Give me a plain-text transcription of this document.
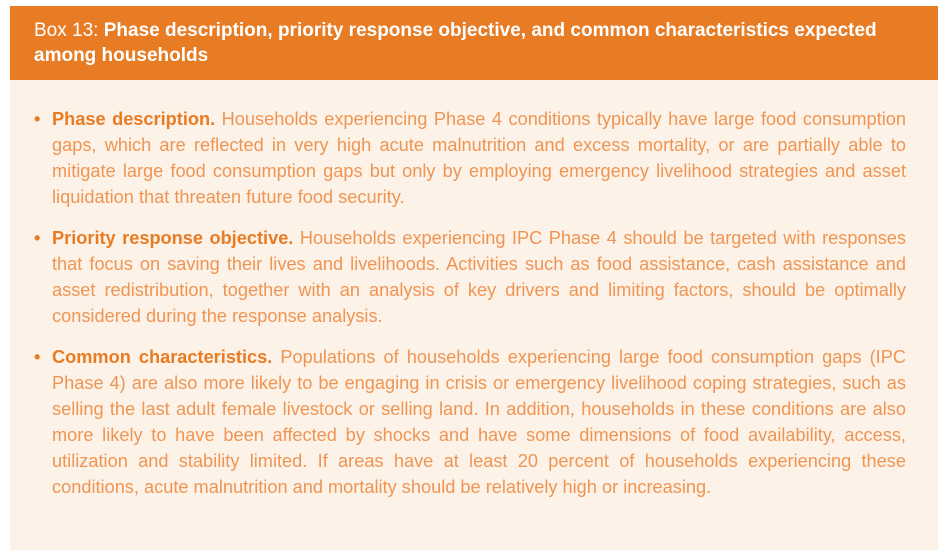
Box 13: Phase description, priority response objective, and common characteristics expected among households
• Phase description. Households experiencing Phase 4 conditions typically have large food consumption gaps, which are reflected in very high acute malnutrition and excess mortality, or are partially able to mitigate large food consumption gaps but only by employing emergency livelihood strategies and asset liquidation that threaten future food security.
• Priority response objective. Households experiencing IPC Phase 4 should be targeted with responses that focus on saving their lives and livelihoods. Activities such as food assistance, cash assistance and asset redistribution, together with an analysis of key drivers and limiting factors, should be optimally considered during the response analysis.
• Common characteristics. Populations of households experiencing large food consumption gaps (IPC Phase 4) are also more likely to be engaging in crisis or emergency livelihood coping strategies, such as selling the last adult female livestock or selling land. In addition, households in these conditions are also more likely to have been affected by shocks and have some dimensions of food availability, access, utilization and stability limited. If areas have at least 20 percent of households experiencing these conditions, acute malnutrition and mortality should be relatively high or increasing.
